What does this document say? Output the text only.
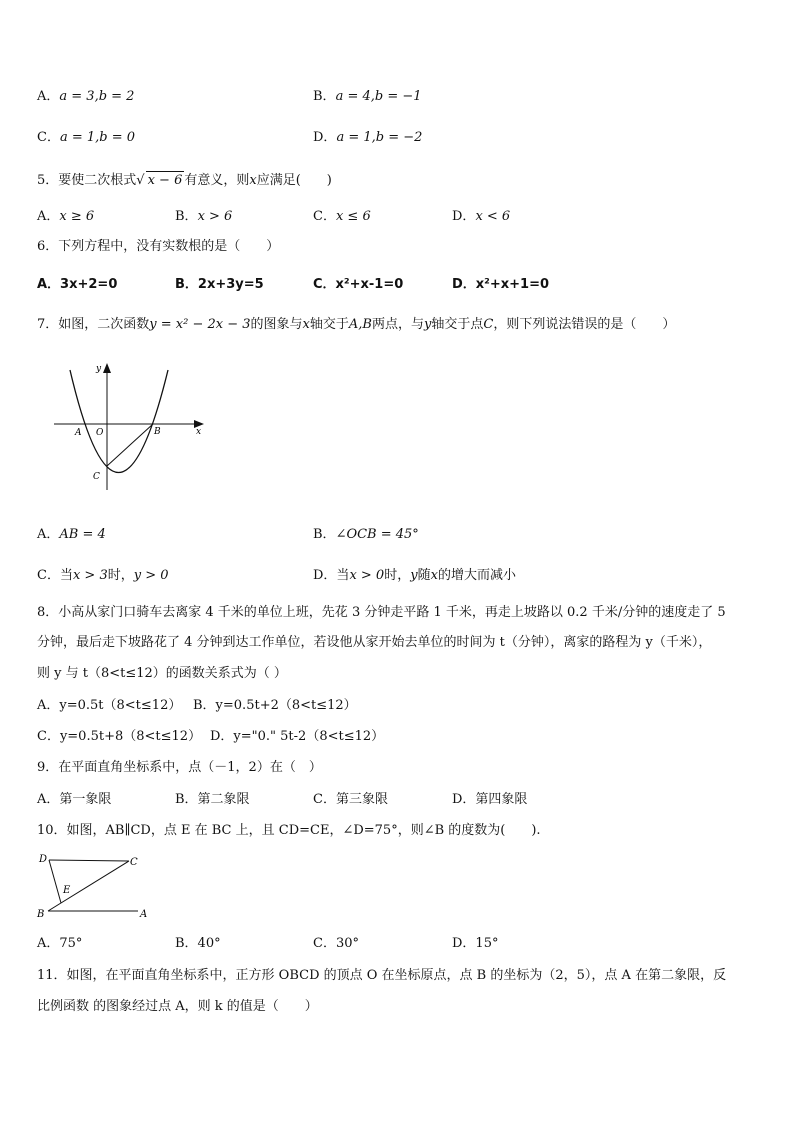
A．a = 3,b = 2	B．a = 4,b = −1
C．a = 1,b = 0	D．a = 1,b = −2
5．要使二次根式√ x − 6 有意义，则x应满足(　　)
A．x ≥ 6	B．x > 6	C．x ≤ 6	D．x < 6
6．下列方程中，没有实数根的是（　　）
A．3x+2=0	B．2x+3y=5	C．x²+x-1=0	D．x²+x+1=0
7．如图，二次函数y = x² − 2x − 3的图象与x轴交于A,B两点，与y轴交于点C，则下列说法错误的是（　　）
y
x
A O	B
C
A．AB = 4	B．∠OCB = 45°
C．当x > 3时，y > 0	D．当x > 0时，y随x的增大而减小
8．小高从家门口骑车去离家 4 千米的单位上班，先花 3 分钟走平路 1 千米，再走上坡路以 0.2 千米/分钟的速度走了 5
分钟，最后走下坡路花了 4 分钟到达工作单位，若设他从家开始去单位的时间为 t（分钟），离家的路程为 y（千米），
则 y 与 t（8<t≤12）的函数关系式为（ ）
A．y=0.5t（8<t≤12） B．y=0.5t+2（8<t≤12）
C．y=0.5t+8（8<t≤12） D．y="0." 5t-2（8<t≤12）
9．在平面直角坐标系中，点（－1，2）在（　）
A．第一象限	B．第二象限	C．第三象限	D．第四象限
10．如图，AB∥CD，点 E 在 BC 上，且 CD=CE，∠D=75°，则∠B 的度数为(　　).
D	C
E
B	A
A．75°	B．40°	C．30°	D．15°
11．如图，在平面直角坐标系中，正方形 OBCD 的顶点 O 在坐标原点，点 B 的坐标为（2，5），点 A 在第二象限，反
比例函数 的图象经过点 A，则 k 的值是（　　）
